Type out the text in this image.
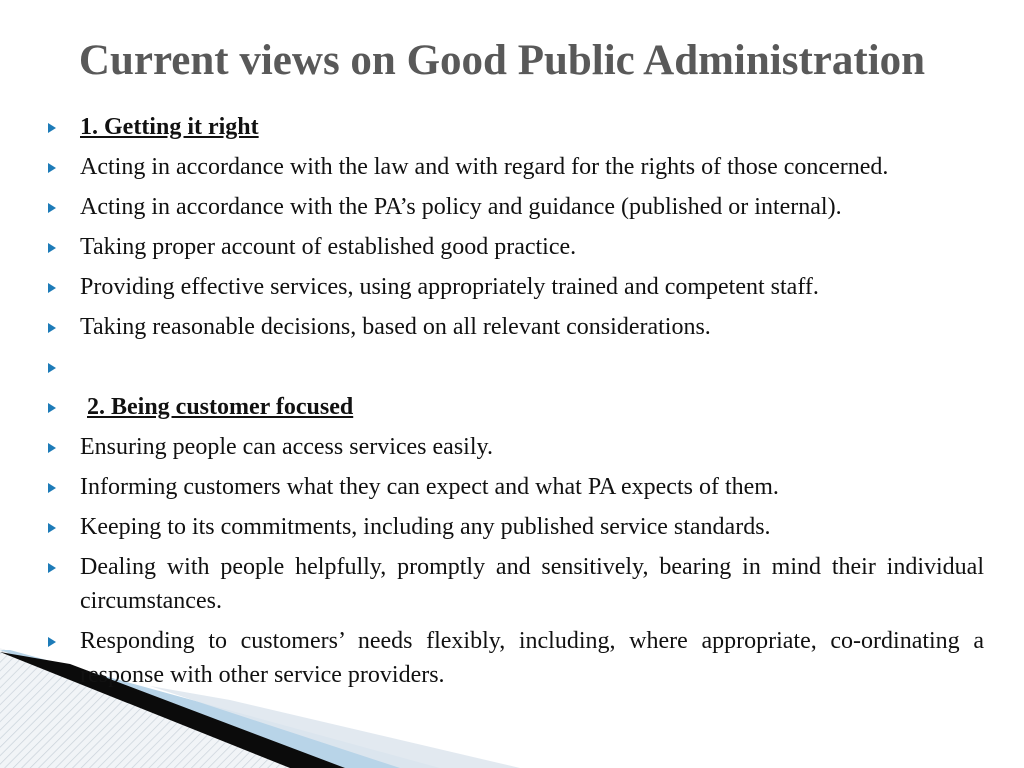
Current views on Good Public Administration
1. Getting it right
Acting in accordance with the law and with regard for the rights of those concerned.
Acting in accordance with the PA’s policy and guidance (published or internal).
Taking proper account of established good practice.
Providing effective services, using appropriately trained and competent staff.
Taking reasonable decisions, based on all relevant considerations.
2. Being customer focused
Ensuring people can access services easily.
Informing customers what they can expect and what PA expects of them.
Keeping to its commitments, including any published service standards.
Dealing with people helpfully, promptly and sensitively, bearing in mind their individual circumstances.
Responding to customers’ needs flexibly, including, where appropriate, co-ordinating a response with other service providers.
